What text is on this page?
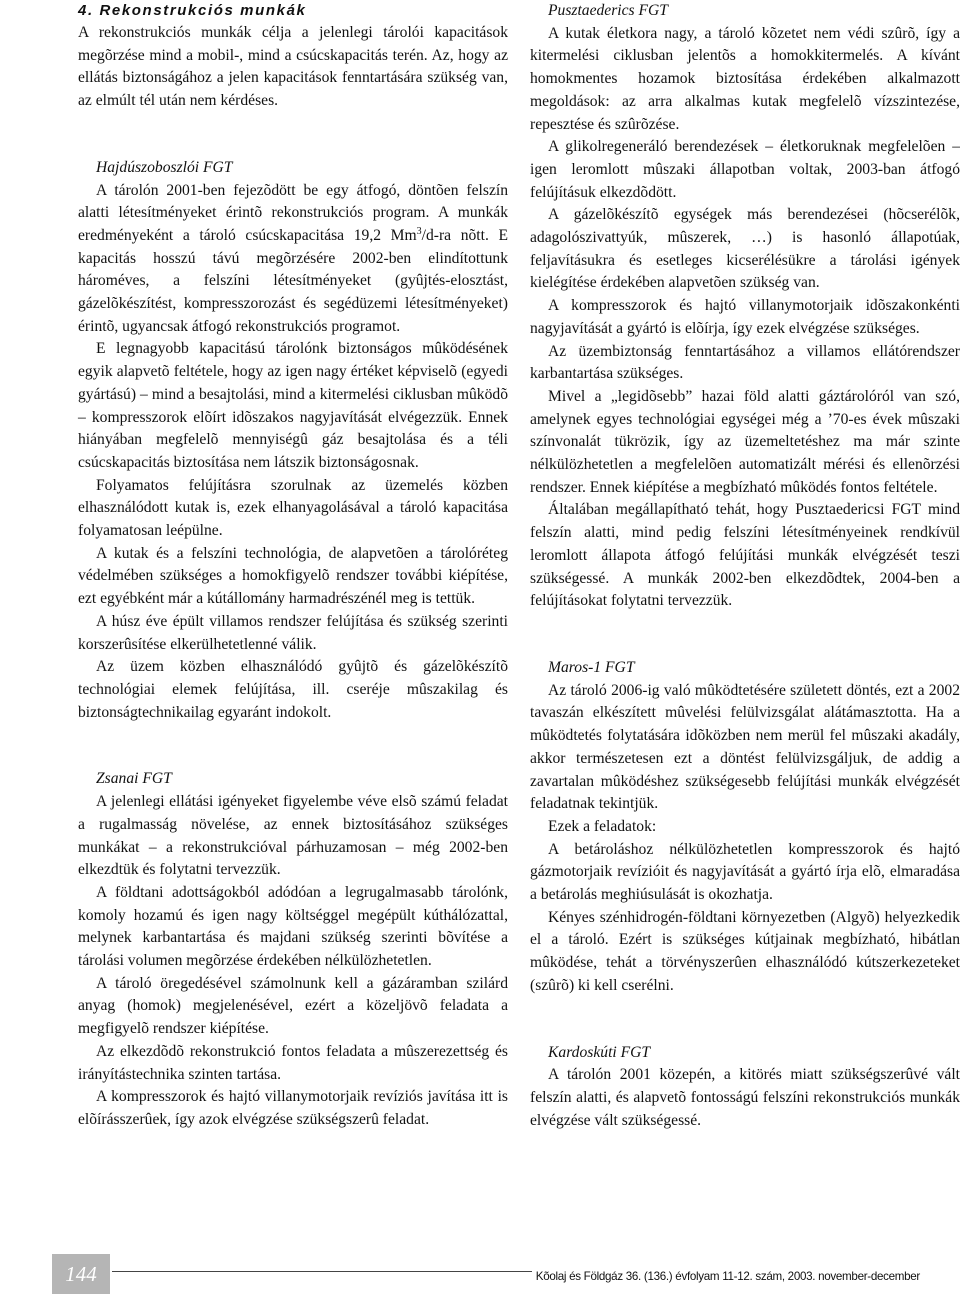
4. Rekonstrukciós munkák

A rekonstrukciós munkák célja a jelenlegi tárolói kapacitások megõrzése mind a mobil-, mind a csúcskapacitás terén. Az, hogy az ellátás biztonságához a jelen kapacitások fenntartására szükség van, az elmúlt tél után nem kérdéses.

Hajdúszoboszlói FGT

A tárolón 2001-ben fejezõdött be egy átfogó, döntõen felszín alatti létesítményeket érintõ rekonstrukciós program. A munkák eredményeként a tároló csúcskapacitása 19,2 Mm$^3$/d-ra nõtt. E kapacitás hosszú távú megõrzésére 2002-ben elindítottunk hároméves, a felszíni létesítményeket (gyûjtés-elosztást, gázelõkészítést, kompresszorozást és segédüzemi létesítményeket) érintõ, ugyancsak átfogó rekonstrukciós programot.

E legnagyobb kapacitású tárolónk biztonságos mûködésének egyik alapvetõ feltétele, hogy az igen nagy értéket képviselõ (egyedi gyártású) – mind a besajtolási, mind a kitermelési ciklusban mûködõ – kompresszorok elõírt idõszakos nagyjavítását elvégezzük. Ennek hiányában megfelelõ mennyiségû gáz besajtolása és a téli csúcskapacitás biztosítása nem látszik biztonságosnak.

Folyamatos felújításra szorulnak az üzemelés közben elhasználódott kutak is, ezek elhanyagolásával a tároló kapacitása folyamatosan leépülne.

A kutak és a felszíni technológia, de alapvetõen a tárolóréteg védelmében szükséges a homokfigyelõ rendszer további kiépítése, ezt egyébként már a kútállomány harmadrészénél meg is tettük.

A húsz éve épült villamos rendszer felújítása és szükség szerinti korszerûsítése elkerülhetetlenné válik.

Az üzem közben elhasználódó gyûjtõ és gázelõkészítõ technológiai elemek felújítása, ill. cseréje mûszakilag és biztonságtechnikailag egyaránt indokolt.

Zsanai FGT

A jelenlegi ellátási igényeket figyelembe véve elsõ számú feladat a rugalmasság növelése, az ennek biztosításához szükséges munkákat – a rekonstrukcióval párhuzamosan – még 2002-ben elkezdtük és folytatni tervezzük.

A földtani adottságokból adódóan a legrugalmasabb tárolónk, komoly hozamú és igen nagy költséggel megépült kúthálózattal, melynek karbantartása és majdani szükség szerinti bõvítése a tárolási volumen megõrzése érdekében nélkülözhetetlen.

A tároló öregedésével számolnunk kell a gázáramban szilárd anyag (homok) megjelenésével, ezért a közeljövõ feladata a megfigyelõ rendszer kiépítése.

Az elkezdõdõ rekonstrukció fontos feladata a mûszerezettség és irányítástechnika szinten tartása.

A kompresszorok és hajtó villanymotorjaik revíziós javítása itt is elõírásszerûek, így azok elvégzése szükségszerû feladat.

Pusztaederics FGT

A kutak életkora nagy, a tároló kõzetet nem védi szûrõ, így a kitermelési ciklusban jelentõs a homokkitermelés. A kívánt homokmentes hozamok biztosítása érdekében alkalmazott megoldások: az arra alkalmas kutak megfelelõ vízszintezése, repesztése és szûrõzése.

A glikolregeneráló berendezések – életkoruknak megfelelõen – igen leromlott mûszaki állapotban voltak, 2003-ban átfogó felújításuk elkezdõdött.

A gázelõkészítõ egységek más berendezései (hõcserélõk, adagolószivattyúk, mûszerek, …) is hasonló állapotúak, feljavításukra és esetleges kicserélésükre a tárolási igények kielégítése érdekében alapvetõen szükség van.

A kompresszorok és hajtó villanymotorjaik idõszakonkénti nagyjavítását a gyártó is elõírja, így ezek elvégzése szükséges.

Az üzembiztonság fenntartásához a villamos ellátórendszer karbantartása szükséges.

Mivel a „legidõsebb” hazai föld alatti gáztárolóról van szó, amelynek egyes technológiai egységei még a ’70-es évek mûszaki színvonalát tükrözik, így az üzemeltetéshez ma már szinte nélkülözhetetlen a megfelelõen automatizált mérési és ellenõrzési rendszer. Ennek kiépítése a megbízható mûködés fontos feltétele.

Általában megállapítható tehát, hogy Pusztaedericsi FGT mind felszín alatti, mind pedig felszíni létesítményeinek rendkívül leromlott állapota átfogó felújítási munkák elvégzését teszi szükségessé. A munkák 2002-ben elkezdõdtek, 2004-ben a felújításokat folytatni tervezzük.

Maros-1 FGT

Az tároló 2006-ig való mûködtetésére született döntés, ezt a 2002 tavaszán elkészített mûvelési felülvizsgálat alátámasztotta. Ha a mûködtetés folytatására idõközben nem merül fel mûszaki akadály, akkor természetesen ezt a döntést felülvizsgáljuk, de addig a zavartalan mûködéshez szükségesebb felújítási munkák elvégzését feladatnak tekintjük.

Ezek a feladatok:

A betároláshoz nélkülözhetetlen kompresszorok és hajtó gázmotorjaik revízióit és nagyjavítását a gyártó írja elõ, elmaradása a betárolás meghiúsulását is okozhatja.

Kényes szénhidrogén-földtani környezetben (Algyõ) helyezkedik el a tároló. Ezért is szükséges kútjainak megbízható, hibátlan mûködése, tehát a törvényszerûen elhasználódó kútszerkezeteket (szûrõ) ki kell cserélni.

Kardoskúti FGT

A tárolón 2001 közepén, a kitörés miatt szükségszerûvé vált felszín alatti, és alapvetõ fontosságú felszíni rekonstrukciós munkák elvégzése vált szükségessé.

144	Kõolaj és Földgáz 36. (136.) évfolyam 11-12. szám, 2003. november-december
